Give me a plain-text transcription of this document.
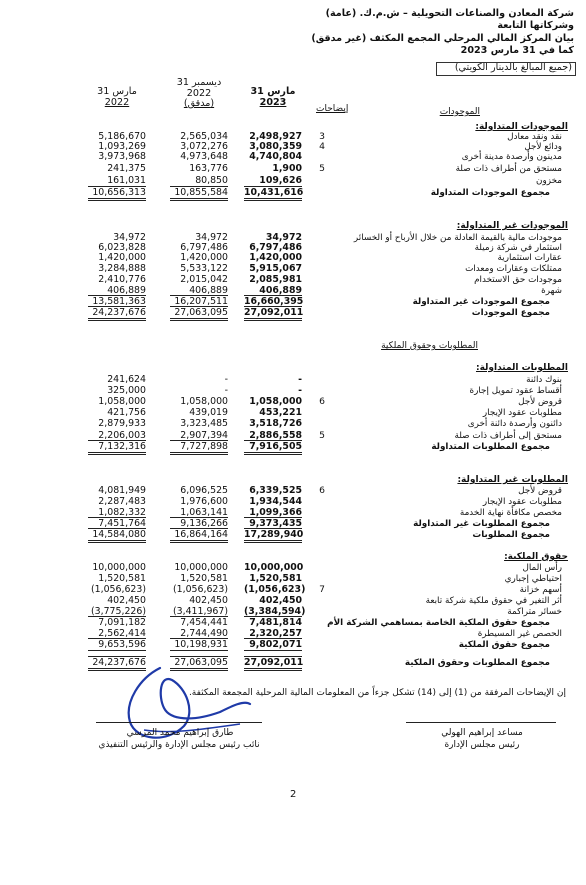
شركة المعادن والصناعات التحويلية – ش.م.ك. (عامة)
وشركاتها التابعة
بيان المركز المالي المرحلي المجمع المكثف (غير مدقق)
كما في 31 مارس 2023
(جميع المبالغ بالدينار الكويتي)
31 مارس
2023
31 ديسمبر
2022
(مدقق)
31 مارس
2022
إيضاحات	الموجودات
الموجودات المتداولة:
نقد ونقد معادل
3
2,498,927
2,565,034
5,186,670
ودائع لأجل
4
3,080,359
3,072,276
1,093,269
مدينون وأرصدة مدينة أخرى
4,740,804
4,973,648
3,973,968
مستحق من أطراف ذات صلة
5
1,900
163,776
241,375
مخزون
109,626
80,850
161,031
مجموع الموجودات المتداولة
10,431,616
10,855,584
10,656,313
الموجودات غير المتداولة:
موجودات مالية بالقيمة العادلة من خلال الأرباح أو الخسائر
34,972
34,972
34,972
استثمار في شركة زميلة
6,797,486
6,797,486
6,023,828
عقارات استثمارية
1,420,000
1,420,000
1,420,000
ممتلكات وعقارات ومعدات
5,915,067
5,533,122
3,284,888
موجودات حق الاستخدام
2,085,981
2,015,042
2,410,776
شهرة
406,889
406,889
406,889
مجموع الموجودات غير المتداولة
16,660,395
16,207,511
13,581,363
مجموع الموجودات
27,092,011
27,063,095
24,237,676
المطلوبات المتداولة:
بنوك دائنة
-
-
241,624
أقساط عقود تمويل إجارة
-
-
325,000
قروض لأجل
6
1,058,000
1,058,000
1,058,000
مطلوبات عقود الإيجار
453,221
439,019
421,756
دائنون وأرصدة دائنة أخرى
3,518,726
3,323,485
2,879,933
مستحق إلى أطراف ذات صلة
5
2,886,558
2,907,394
2,206,003
مجموع المطلوبات المتداولة
7,916,505
7,727,898
7,132,316
المطلوبات غير المتداولة:
قروض لأجل
6
6,339,525
6,096,525
4,081,949
مطلوبات عقود الإيجار
1,934,544
1,976,600
2,287,483
مخصص مكافأة نهاية الخدمة
1,099,366
1,063,141
1,082,332
مجموع المطلوبات غير المتداولة
9,373,435
9,136,266
7,451,764
مجموع المطلوبات
17,289,940
16,864,164
14,584,080
حقوق الملكية:
رأس المال
10,000,000
10,000,000
10,000,000
احتياطي إجباري
1,520,581
1,520,581
1,520,581
أسهم خزانة
7
(1,056,623)
(1,056,623)
(1,056,623)
أثر التغير في حقوق ملكية شركة تابعة
402,450
402,450
402,450
خسائر متراكمة
(3,384,594)
(3,411,967)
(3,775,226)
مجموع حقوق الملكية الخاصة بمساهمي الشركة الأم
7,481,814
7,454,441
7,091,182
الحصص غير المسيطرة
2,320,257
2,744,490
2,562,414
مجموع حقوق الملكية
9,802,071
10,198,931
9,653,596
مجموع المطلوبات وحقوق الملكية
27,092,011
27,063,095
24,237,676
المطلوبات وحقوق الملكية
إن الإيضاحات المرفقة من (1) إلى (14) تشكل جزءاً من المعلومات المالية المرحلية المجمعة المكثفة.
طارق إبراهيم محمد المرسي
نائب رئيس مجلس الإدارة والرئيس التنفيذي
مساعد إبراهيم الهولي
رئيس مجلس الإدارة
2
